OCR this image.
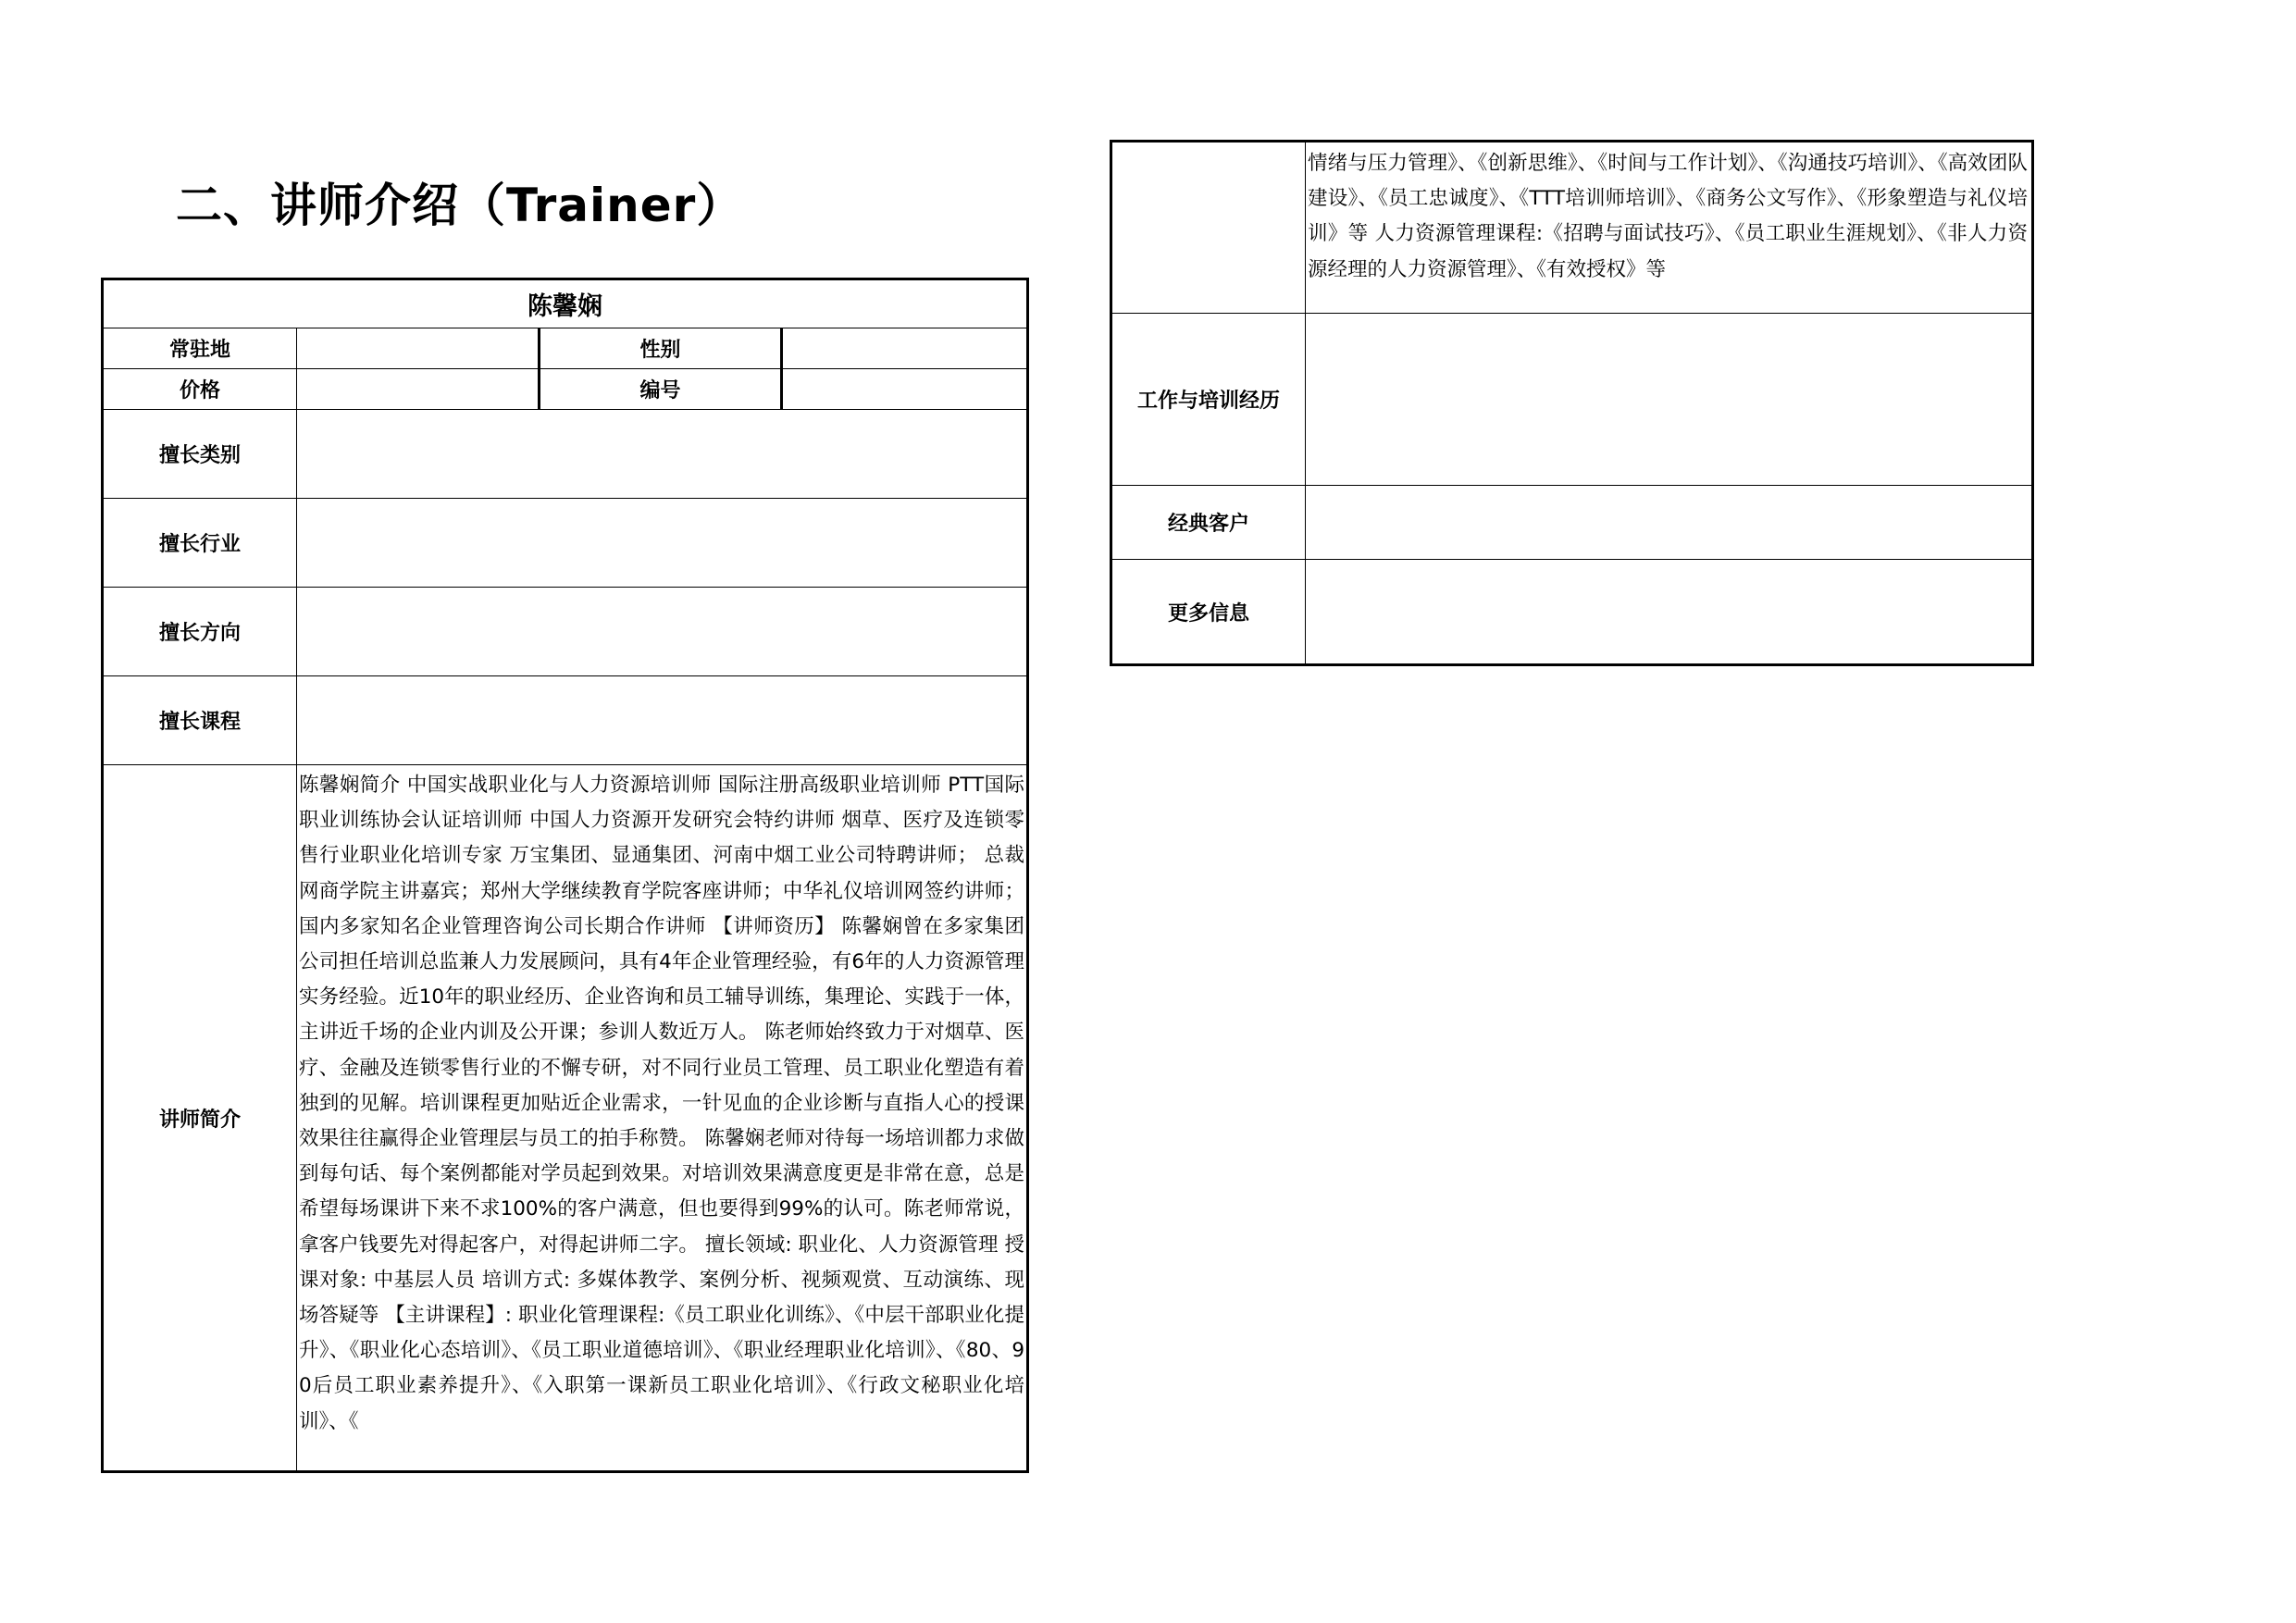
二、讲师介绍（Trainer）
陈馨娴			
常驻地		性别	
价格		编号	
擅长类别			
擅长行业			
擅长方向			
擅长课程			
讲师简介	陈馨娴简介 中国实战职业化与人力资源培训师 国际注册高级职业培训师 PTT国际职业训练协会认证培训师 中国人力资源开发研究会特约讲师 烟草、医疗及连锁零售行业职业化培训专家 万宝集团、显通集团、河南中烟工业公司特聘讲师； 总裁网商学院主讲嘉宾；郑州大学继续教育学院客座讲师；中华礼仪培训网签约讲师；国内多家知名企业管理咨询公司长期合作讲师 【讲师资历】 陈馨娴曾在多家集团公司担任培训总监兼人力发展顾问，具有4年企业管理经验，有6年的人力资源管理实务经验。近10年的职业经历、企业咨询和员工辅导训练，集理论、实践于一体，主讲近千场的企业内训及公开课；参训人数近万人。 陈老师始终致力于对烟草、医疗、金融及连锁零售行业的不懈专研，对不同行业员工管理、员工职业化塑造有着独到的见解。培训课程更加贴近企业需求，一针见血的企业诊断与直指人心的授课效果往往赢得企业管理层与员工的拍手称赞。 陈馨娴老师对待每一场培训都力求做到每句话、每个案例都能对学员起到效果。对培训效果满意度更是非常在意，总是希望每场课讲下来不求100%的客户满意，但也要得到99%的认可。陈老师常说，拿客户钱要先对得起客户，对得起讲师二字。 擅长领域: 职业化、人力资源管理 授课对象: 中基层人员 培训方式: 多媒体教学、案例分析、视频观赏、互动演练、现场答疑等 【主讲课程】: 职业化管理课程:《员工职业化训练》、《中层干部职业化提升》、《职业化心态培训》、《员工职业道德培训》、《职业经理职业化培训》、《80、90后员工职业素养提升》、《入职第一课新员工职业化培训》、《行政文秘职业化培训》、《		

	情绪与压力管理》、《创新思维》、《时间与工作计划》、《沟通技巧培训》、《高效团队建设》、《员工忠诚度》、《TTT培训师培训》、《商务公文写作》、《形象塑造与礼仪培训》等 人力资源管理课程:《招聘与面试技巧》、《员工职业生涯规划》、《非人力资源经理的人力资源管理》、《有效授权》等

工作与培训经历	
经典客户	
更多信息	
